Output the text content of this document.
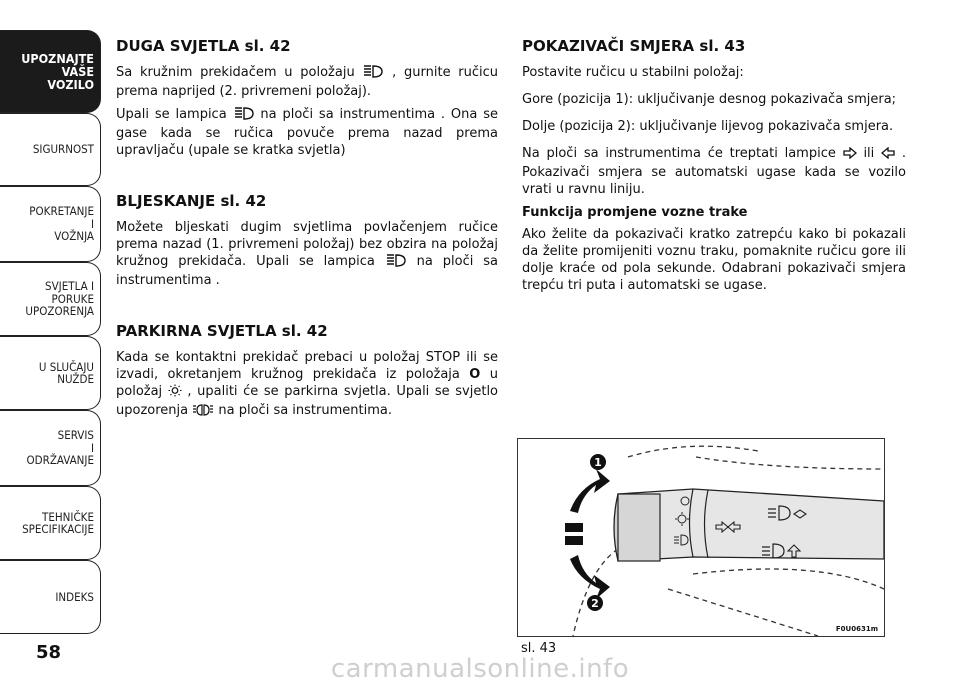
UPOZNAJTE
VAŠE
VOZILO
SIGURNOST
POKRETANJE
I
VOŽNJA
SVJETLA I
PORUKE
UPOZORENJA
U SLUČAJU
NUŽDE
SERVIS
I
ODRŽAVANJE
TEHNIČKE
SPECIFIKACIJE
INDEKS
58
DUGA SVJETLA sl. 42

Sa kružnim prekidačem u položaju	, gurnite ručicu prema naprijed (2. privremeni položaj).

Upali se lampica	na ploči sa instrumentima . Ona se gase kada se ručica povuče prema nazad prema upravljaču (upale se kratka svjetla)

BLJESKANJE sl. 42

Možete bljeskati dugim svjetlima povlačenjem ručice prema nazad (1. privremeni položaj) bez obzira na položaj kružnog prekidača. Upali se lampica	na ploči sa instrumentima .

PARKIRNA SVJETLA sl. 42

Kada se kontaktni prekidač prebaci u položaj STOP ili se izvadi, okretanjem kružnog prekidača iz položaja O u položaj , upaliti će se parkirna svjetla. Upali se svjetlo upozorenja na ploči sa instrumentima.

POKAZIVAČI SMJERA sl. 43

Postavite ručicu u stabilni položaj:

Gore (pozicija 1): uključivanje desnog pokazivača smjera;

Dolje (pozicija 2): uključivanje lijevog pokazivača smjera.

Na ploči sa instrumentima će treptati lampice ili . Pokazivači smjera se automatski ugase kada se vozilo vrati u ravnu liniju.

Funkcija promjene vozne trake

Ako želite da pokazivači kratko zatrepću kako bi pokazali da želite promijeniti voznu traku, pomaknite ručicu gore ili dolje kraće od pola sekunde. Odabrani pokazivači smjera trepću tri puta i automatski se ugase.

1
2
F0U0631m
sl. 43
carmanualsonline.info
